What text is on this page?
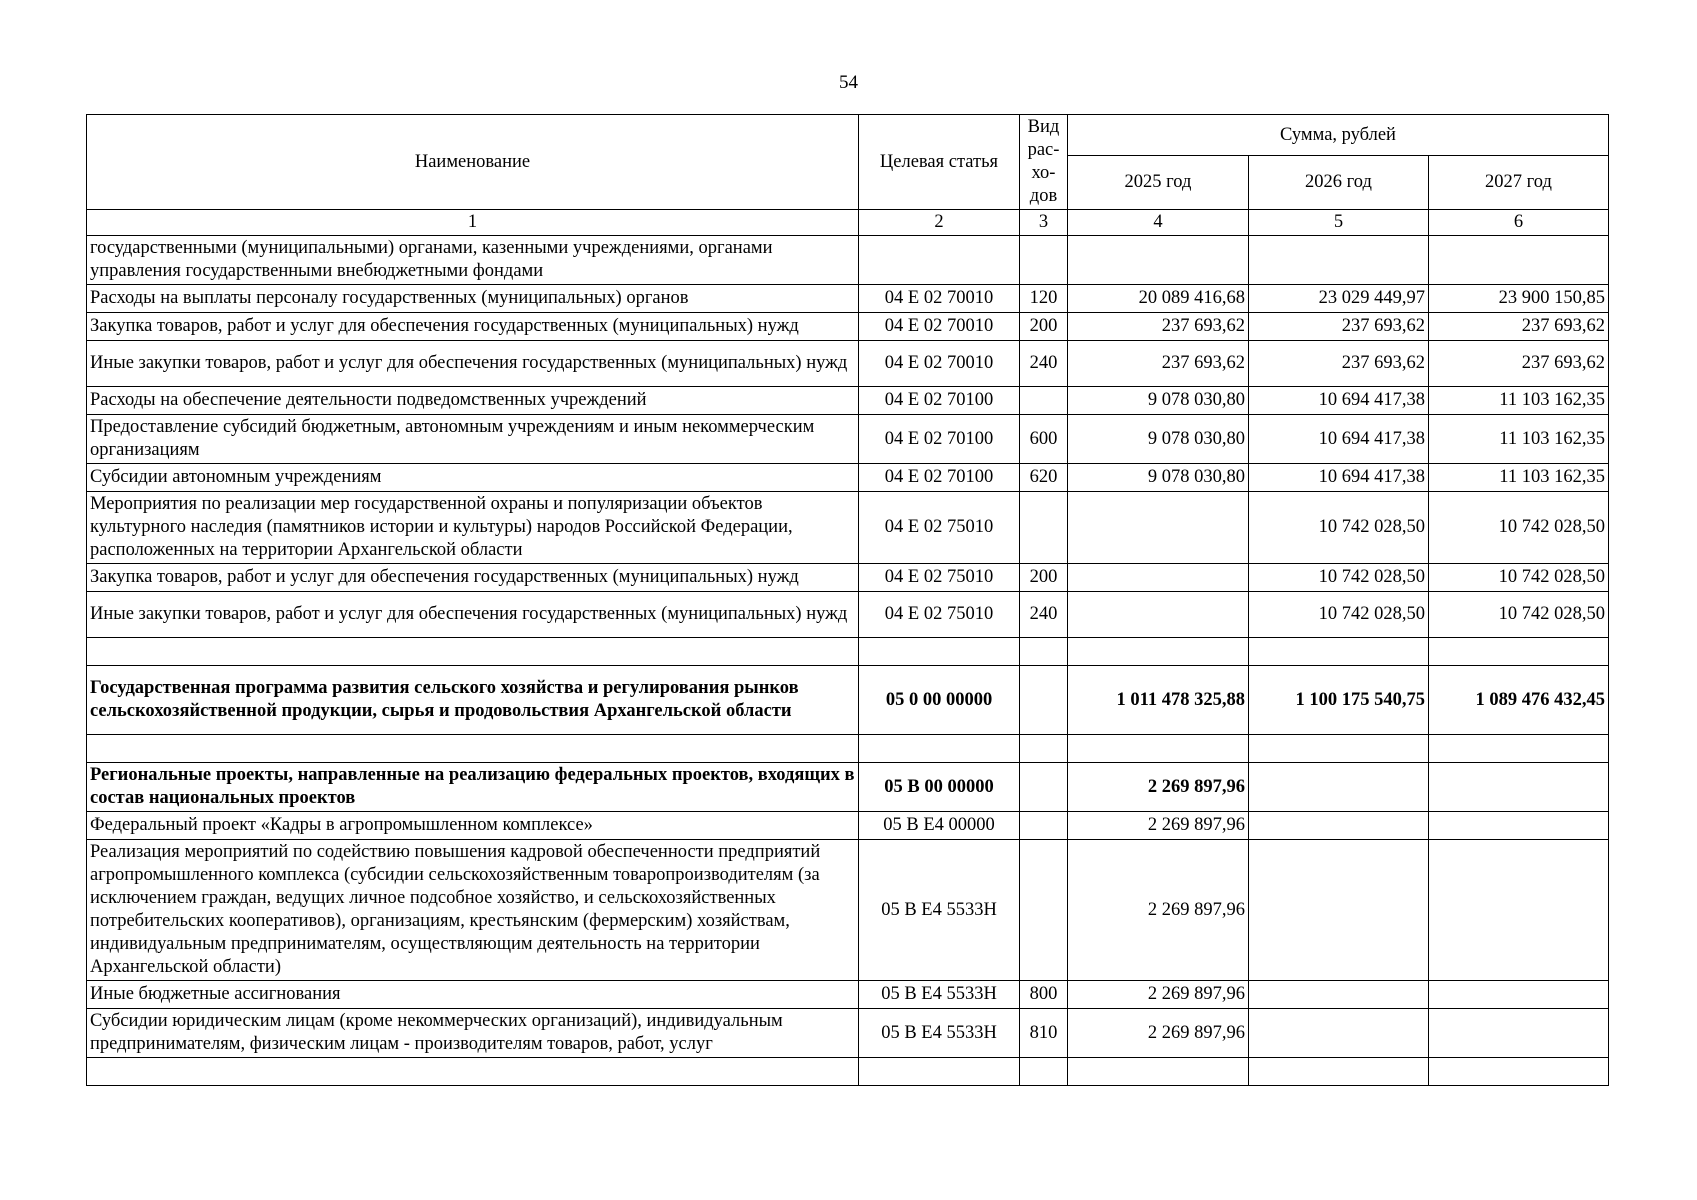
54
Наименование	Целевая статья	Вид рас-хо-дов	Сумма, рублей		
			2025 год	2026 год	2027 год
1	2	3	4	5	6
государственными (муниципальными) органами, казенными учреждениями, органами управления государственными внебюджетными фондами					
Расходы на выплаты персоналу государственных (муниципальных) органов	04 Е 02 70010	120	20 089 416,68	23 029 449,97	23 900 150,85
Закупка товаров, работ и услуг для обеспечения государственных (муниципальных) нужд	04 Е 02 70010	200	237 693,62	237 693,62	237 693,62
Иные закупки товаров, работ и услуг для обеспечения государственных (муниципальных) нужд	04 Е 02 70010	240	237 693,62	237 693,62	237 693,62
Расходы на обеспечение деятельности подведомственных учреждений	04 Е 02 70100		9 078 030,80	10 694 417,38	11 103 162,35
Предоставление субсидий бюджетным, автономным учреждениям и иным некоммерческим организациям	04 Е 02 70100	600	9 078 030,80	10 694 417,38	11 103 162,35
Субсидии автономным учреждениям	04 Е 02 70100	620	9 078 030,80	10 694 417,38	11 103 162,35
Мероприятия по реализации мер государственной охраны и популяризации объектов культурного наследия (памятников истории и культуры) народов Российской Федерации, расположенных на территории Архангельской области	04 Е 02 75010			10 742 028,50	10 742 028,50
Закупка товаров, работ и услуг для обеспечения государственных (муниципальных) нужд	04 Е 02 75010	200		10 742 028,50	10 742 028,50
Иные закупки товаров, работ и услуг для обеспечения государственных (муниципальных) нужд	04 Е 02 75010	240		10 742 028,50	10 742 028,50

Государственная программа развития сельского хозяйства и регулирования рынков сельскохозяйственной продукции, сырья и продовольствия Архангельской области	05 0 00 00000		1 011 478 325,88	1 100 175 540,75	1 089 476 432,45

Региональные проекты, направленные на реализацию федеральных проектов, входящих в состав национальных проектов	05 В 00 00000		2 269 897,96		
Федеральный проект «Кадры в агропромышленном комплексе»	05 В Е4 00000		2 269 897,96		
Реализация мероприятий по содействию повышения кадровой обеспеченности предприятий агропромышленного комплекса (субсидии сельскохозяйственным товаропроизводителям (за исключением граждан, ведущих личное подсобное хозяйство, и сельскохозяйственных потребительских кооперативов), организациям, крестьянским (фермерским) хозяйствам, индивидуальным предпринимателям, осуществляющим деятельность на территории Архангельской области)	05 В Е4 5533Н		2 269 897,96		
Иные бюджетные ассигнования	05 В Е4 5533Н	800	2 269 897,96		
Субсидии юридическим лицам (кроме некоммерческих организаций), индивидуальным предпринимателям, физическим лицам - производителям товаров, работ, услуг	05 В Е4 5533Н	810	2 269 897,96		
